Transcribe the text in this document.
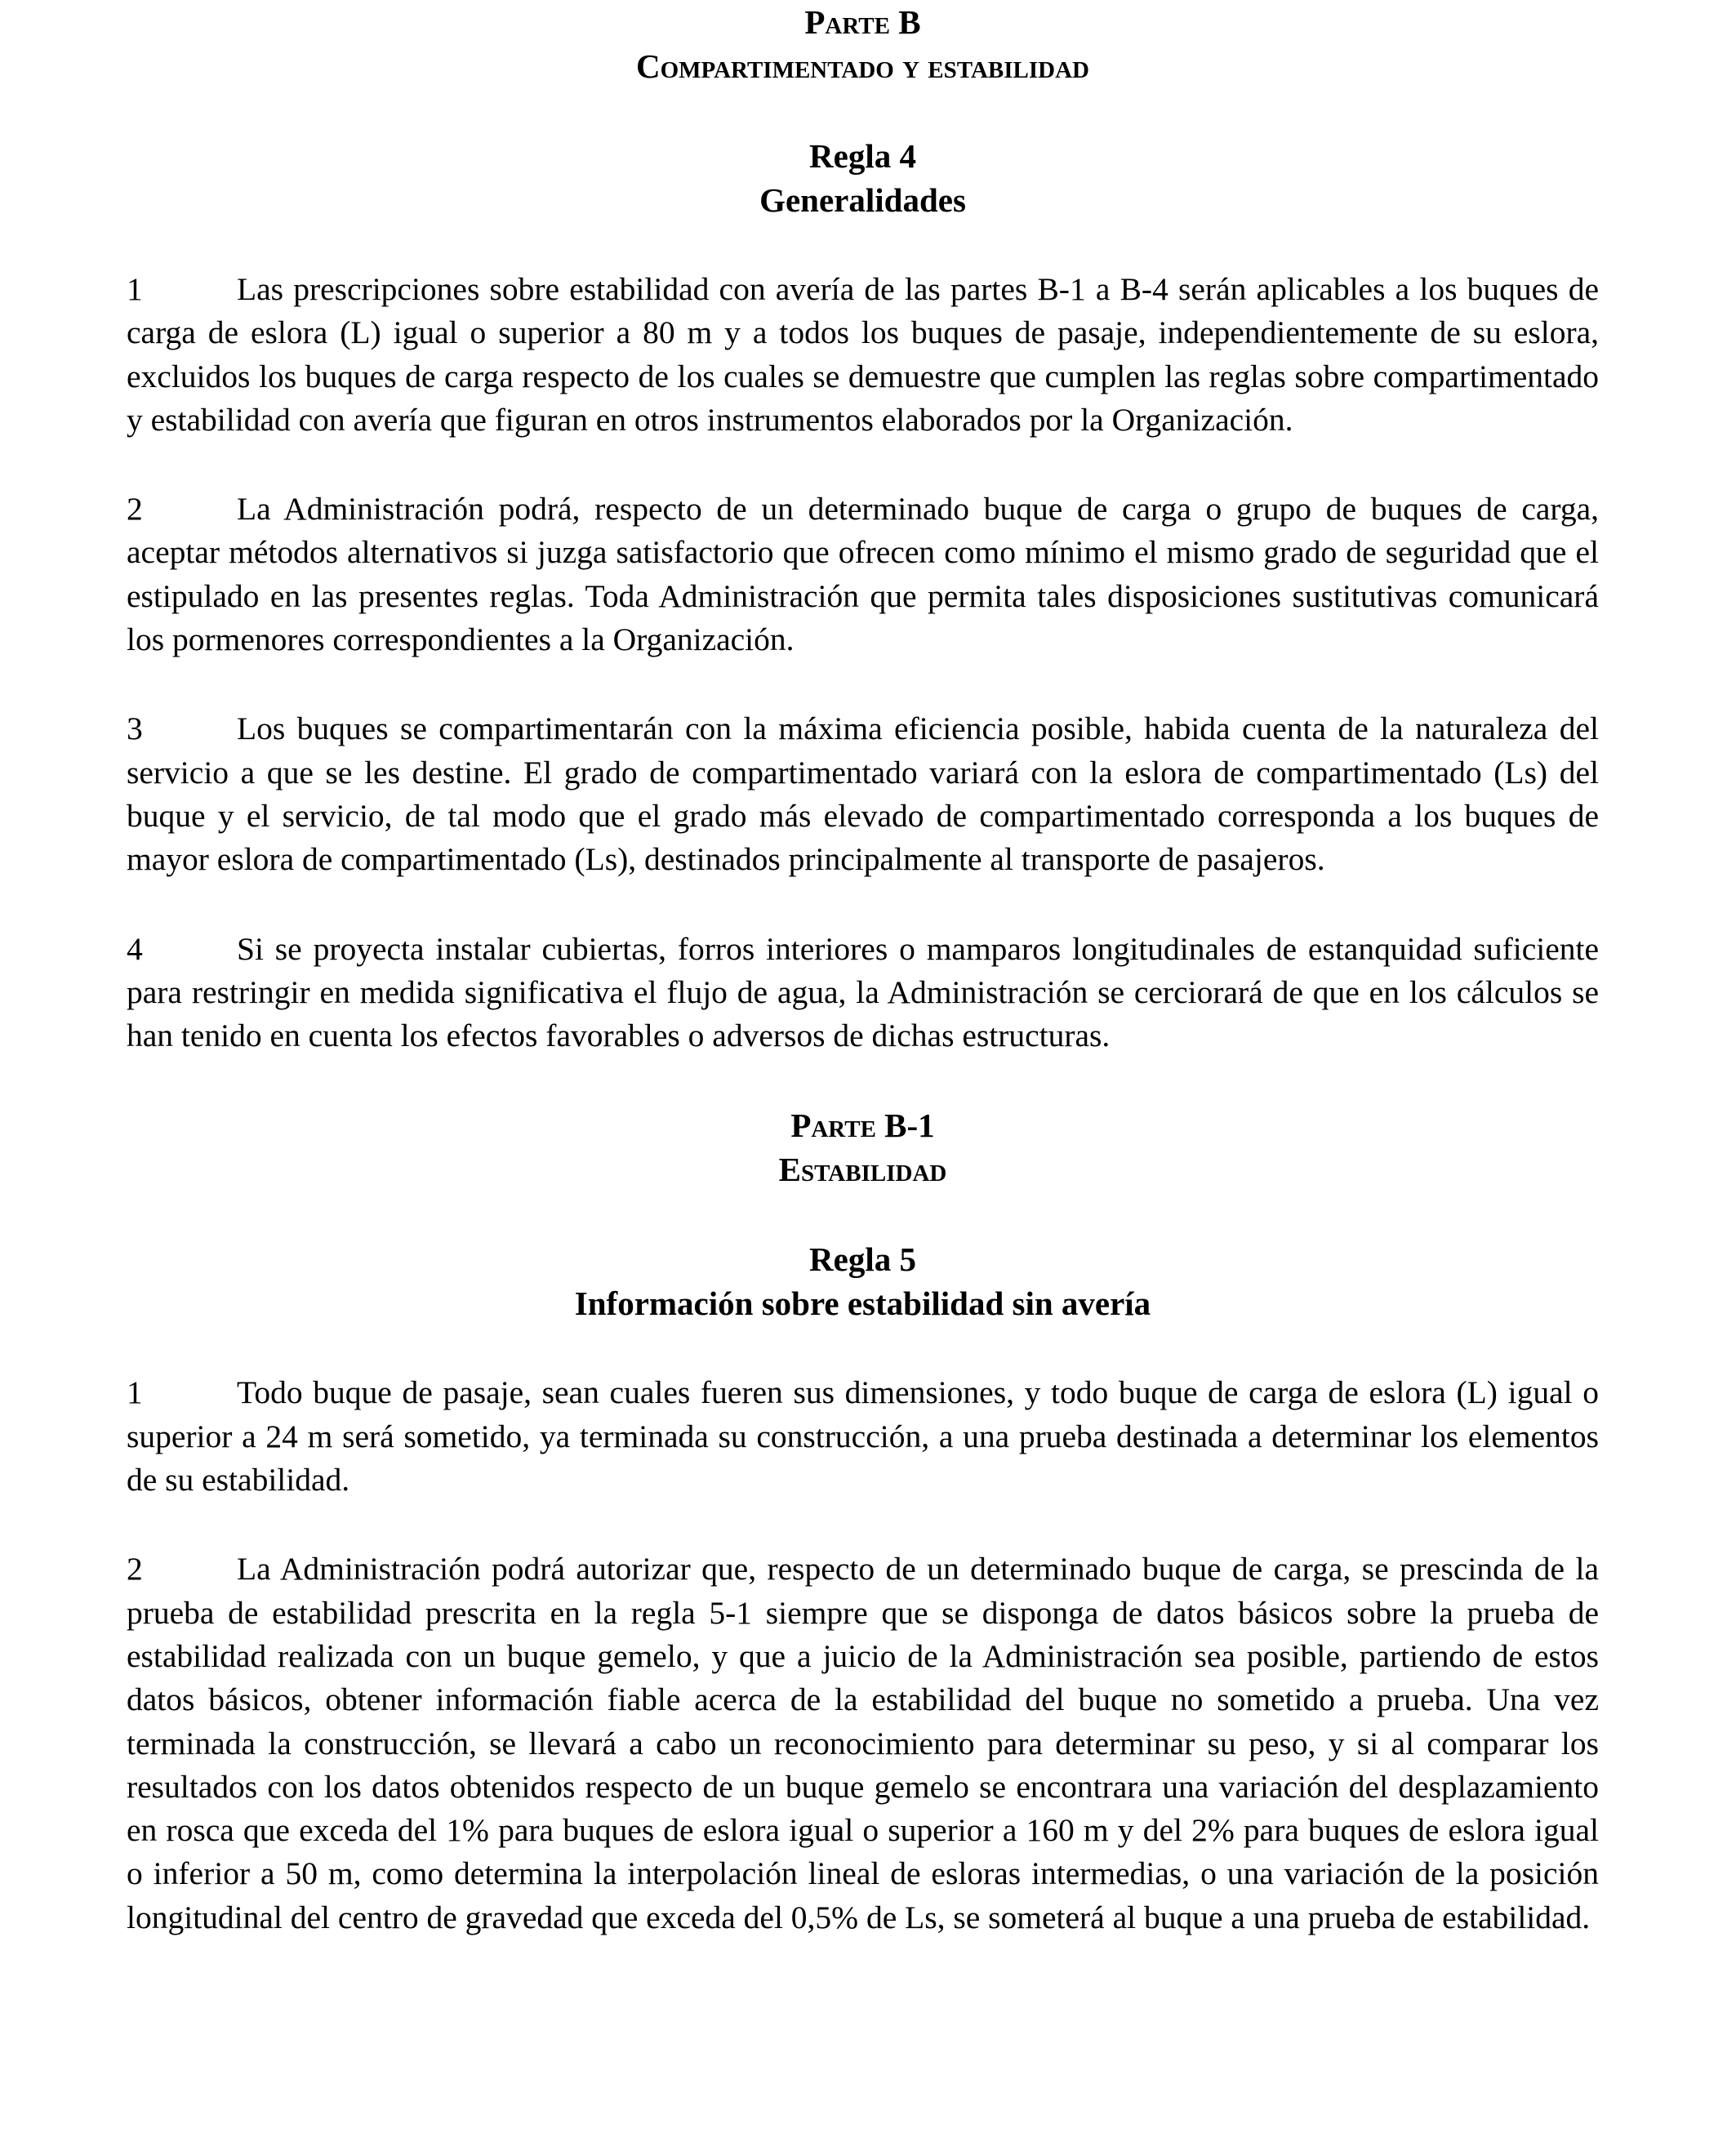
Parte B
Compartimentado y estabilidad
Regla 4
Generalidades

1	Las prescripciones sobre estabilidad con avería de las partes B-1 a B-4 serán aplicables a los buques de carga de eslora (L) igual o superior a 80 m y a todos los buques de pasaje, independientemente de su eslora, excluidos los buques de carga respecto de los cuales se demuestre que cumplen las reglas sobre compartimentado y estabilidad con avería que figuran en otros instrumentos elaborados por la Organización.

2	La Administración podrá, respecto de un determinado buque de carga o grupo de buques de carga, aceptar métodos alternativos si juzga satisfactorio que ofrecen como mínimo el mismo grado de seguridad que el estipulado en las presentes reglas. Toda Administración que permita tales disposiciones sustitutivas comunicará los pormenores correspondientes a la Organización.

3	Los buques se compartimentarán con la máxima eficiencia posible, habida cuenta de la naturaleza del servicio a que se les destine. El grado de compartimentado variará con la eslora de compartimentado (Ls) del buque y el servicio, de tal modo que el grado más elevado de compartimentado corresponda a los buques de mayor eslora de compartimentado (Ls), destinados principalmente al transporte de pasajeros.

4	Si se proyecta instalar cubiertas, forros interiores o mamparos longitudinales de estanquidad suficiente para restringir en medida significativa el flujo de agua, la Administración se cerciorará de que en los cálculos se han tenido en cuenta los efectos favorables o adversos de dichas estructuras.

Parte B-1
Estabilidad
Regla 5
Información sobre estabilidad sin avería

1	Todo buque de pasaje, sean cuales fueren sus dimensiones, y todo buque de carga de eslora (L) igual o superior a 24 m será sometido, ya terminada su construcción, a una prueba destinada a determinar los elementos de su estabilidad.

2	La Administración podrá autorizar que, respecto de un determinado buque de carga, se prescinda de la prueba de estabilidad prescrita en la regla 5-1 siempre que se disponga de datos básicos sobre la prueba de estabilidad realizada con un buque gemelo, y que a juicio de la Administración sea posible, partiendo de estos datos básicos, obtener información fiable acerca de la estabilidad del buque no sometido a prueba. Una vez terminada la construcción, se llevará a cabo un reconocimiento para determinar su peso, y si al comparar los resultados con los datos obtenidos respecto de un buque gemelo se encontrara una variación del desplazamiento en rosca que exceda del 1% para buques de eslora igual o superior a 160 m y del 2% para buques de eslora igual o inferior a 50 m, como determina la interpolación lineal de esloras intermedias, o una variación de la posición longitudinal del centro de gravedad que exceda del 0,5% de Ls, se someterá al buque a una prueba de estabilidad.
